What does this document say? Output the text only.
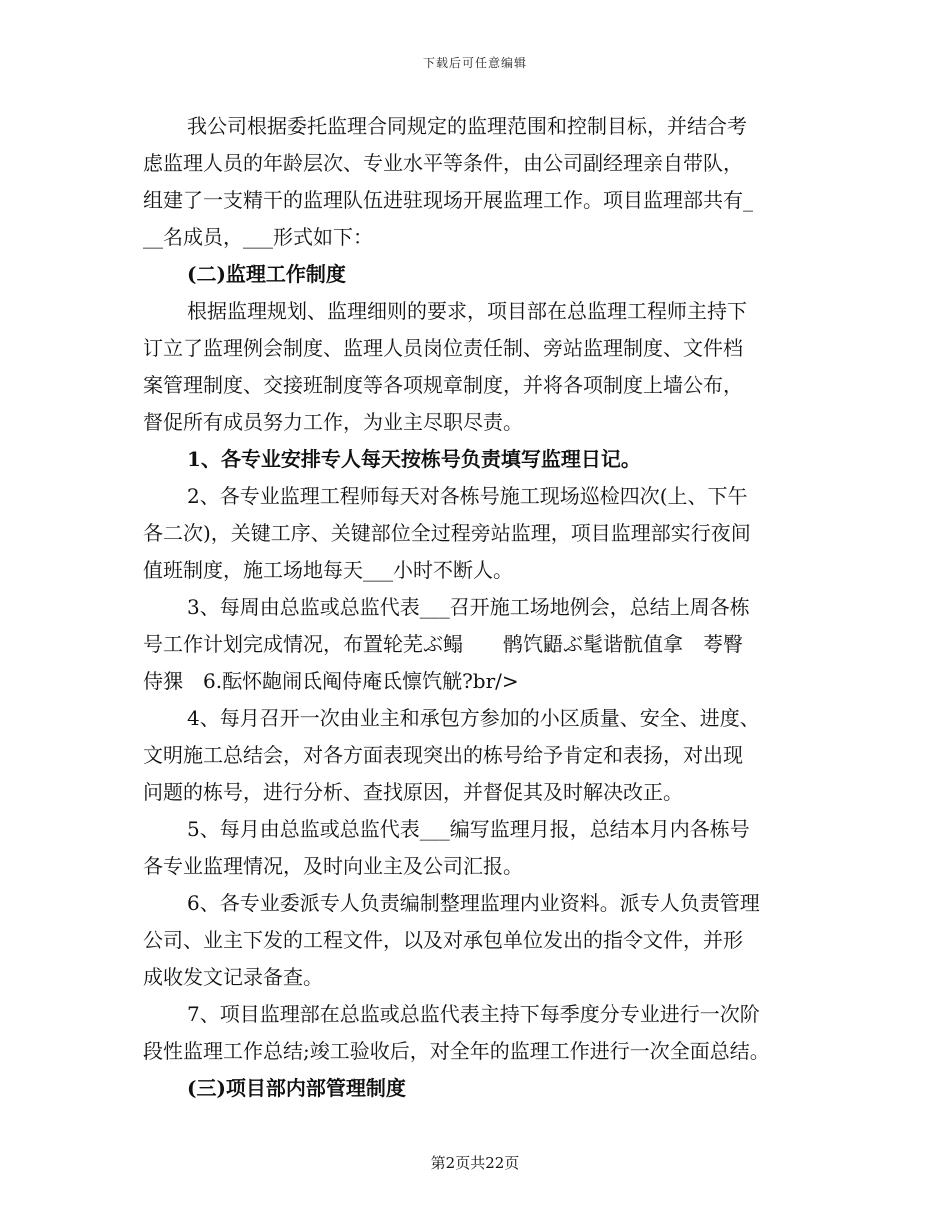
下载后可任意编辑
我公司根据委托监理合同规定的监理范围和控制目标，并结合考
虑监理人员的年龄层次、专业水平等条件，由公司副经理亲自带队，
组建了一支精干的监理队伍进驻现场开展监理工作。项目监理部共有_
__名成员，___形式如下：
(二)监理工作制度
根据监理规划、监理细则的要求，项目部在总监理工程师主持下
订立了监理例会制度、监理人员岗位责任制、旁站监理制度、文件档
案管理制度、交接班制度等各项规章制度，并将各项制度上墙公布，
督促所有成员努力工作，为业主尽职尽责。
1、各专业安排专人每天按栋号负责填写监理日记。
2、各专业监理工程师每天对各栋号施工现场巡检四次(上、下午
各二次)，关键工序、关键部位全过程旁站监理，项目监理部实行夜间
值班制度，施工场地每天___小时不断人。
3、每周由总监或总监代表___召开施工场地例会，总结上周各栋
号工作计划完成情况，布置轮芜ぶ鳎　　鹘饩鼯ぶ髦谐骯值拿　荂臀
侍猓　6.酝怀龅闹氐阄侍庵氐懔饩觥?br/>
4、每月召开一次由业主和承包方参加的小区质量、安全、进度、
文明施工总结会，对各方面表现突出的栋号给予肯定和表扬，对出现
问题的栋号，进行分析、查找原因，并督促其及时解决改正。
5、每月由总监或总监代表___编写监理月报，总结本月内各栋号
各专业监理情况，及时向业主及公司汇报。
6、各专业委派专人负责编制整理监理内业资料。派专人负责管理
公司、业主下发的工程文件，以及对承包单位发出的指令文件，并形
成收发文记录备查。
7、项目监理部在总监或总监代表主持下每季度分专业进行一次阶
段性监理工作总结;竣工验收后，对全年的监理工作进行一次全面总结。
(三)项目部内部管理制度
第2页共22页
